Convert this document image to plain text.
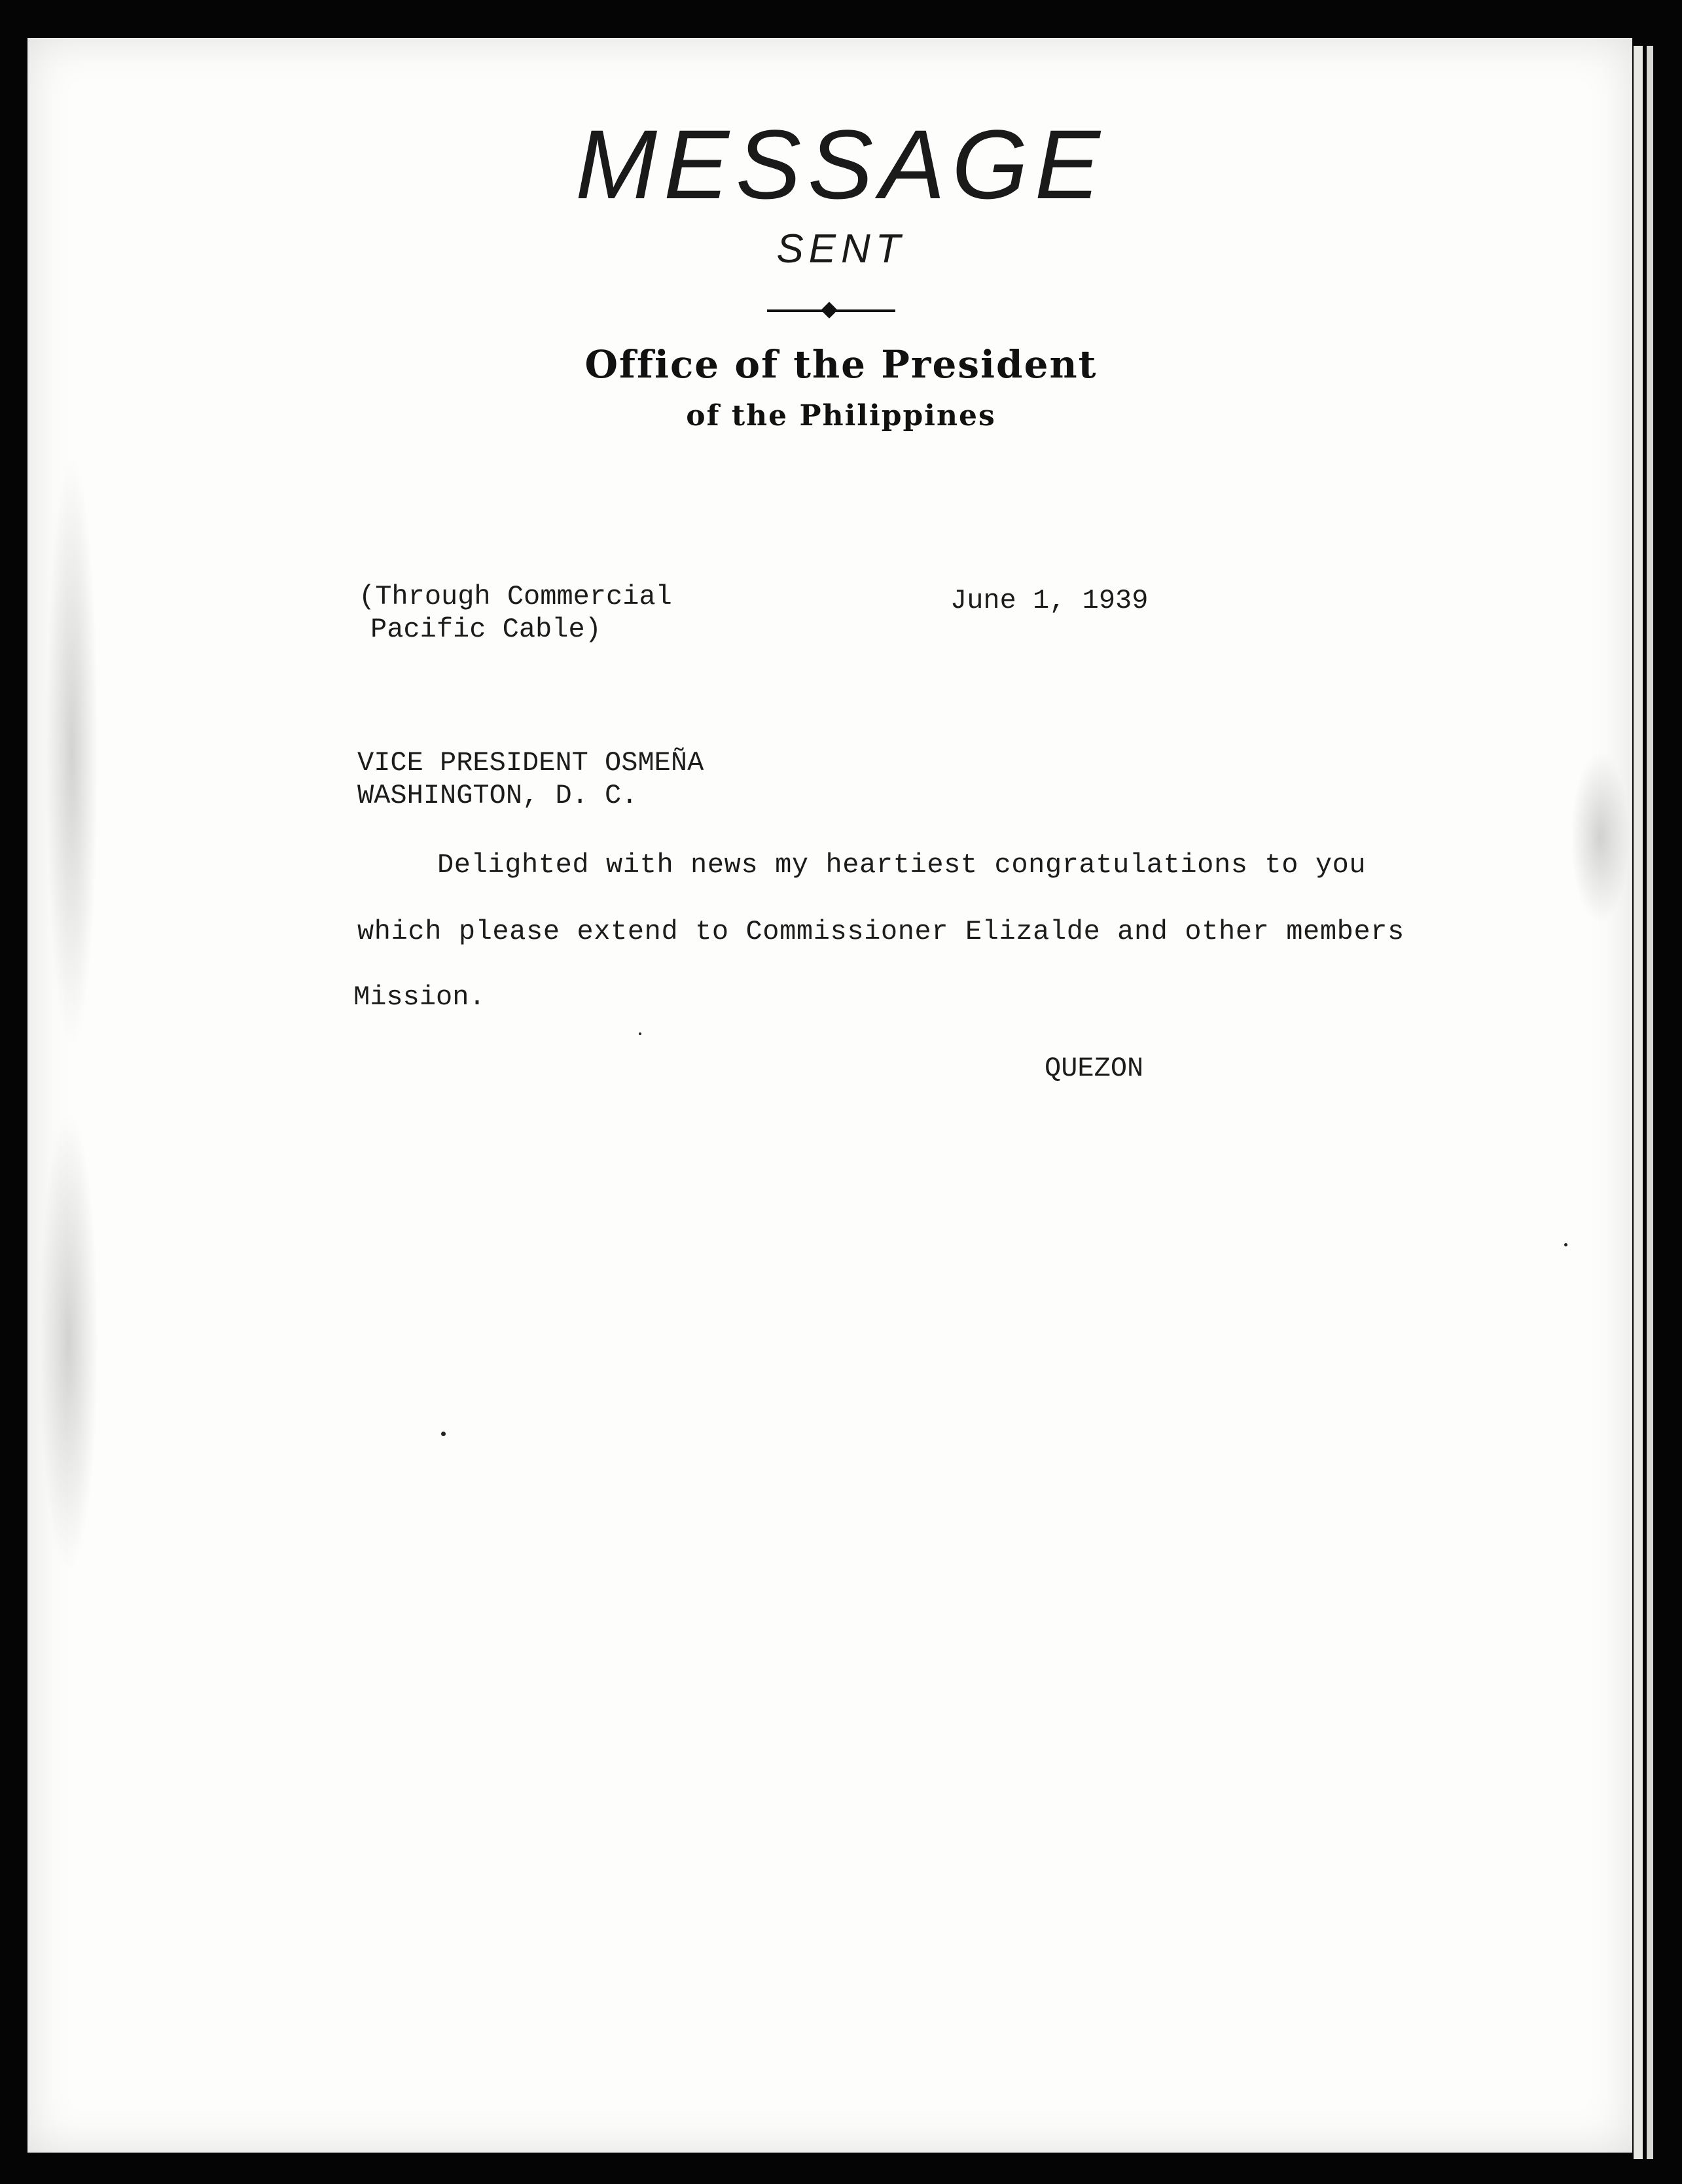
MESSAGE
SENT
Office of the President
of the Philippines
(Through Commercial
Pacific Cable)
June 1, 1939
VICE PRESIDENT OSMEÑA
WASHINGTON, D. C.
Delighted with news my heartiest congratulations to you
which please extend to Commissioner Elizalde and other members
Mission.
QUEZON
